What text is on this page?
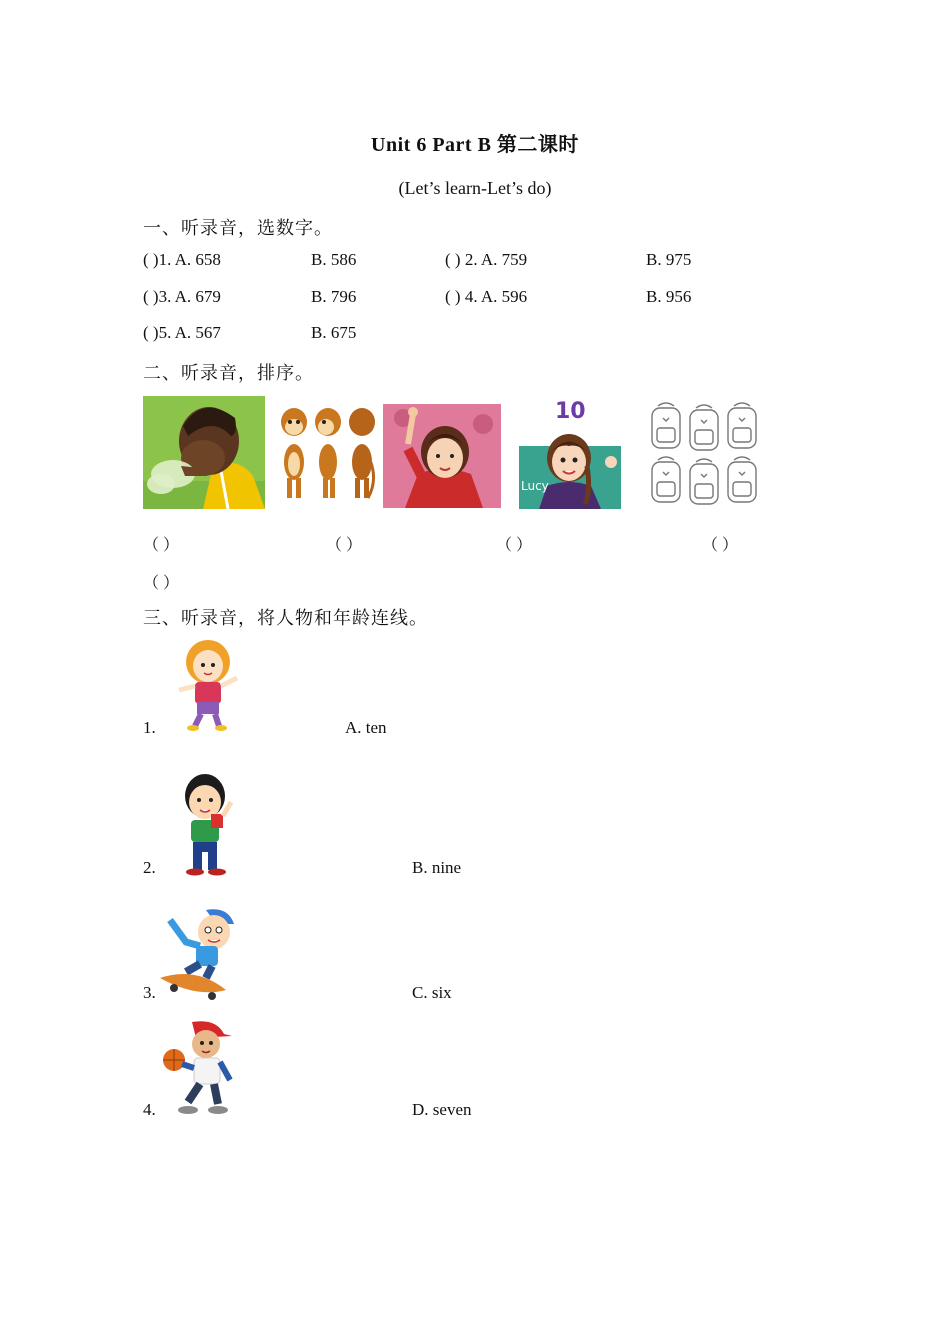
Unit 6 Part B 第二课时
(Let’s learn-Let’s do)
一、听录音，选数字。
( )1. A. 658	B. 586	( ) 2. A. 759	B. 975
( )3. A. 679	B. 796	( ) 4. A. 596	B. 956
( )5. A. 567	B. 675
二、听录音，排序。
10
Lucy
（ ）	（ ）	（ ）	（ ）
（ ）
三、听录音，将人物和年龄连线。
1.	A. ten
2.	B. nine
3.	C. six
4.	D. seven
